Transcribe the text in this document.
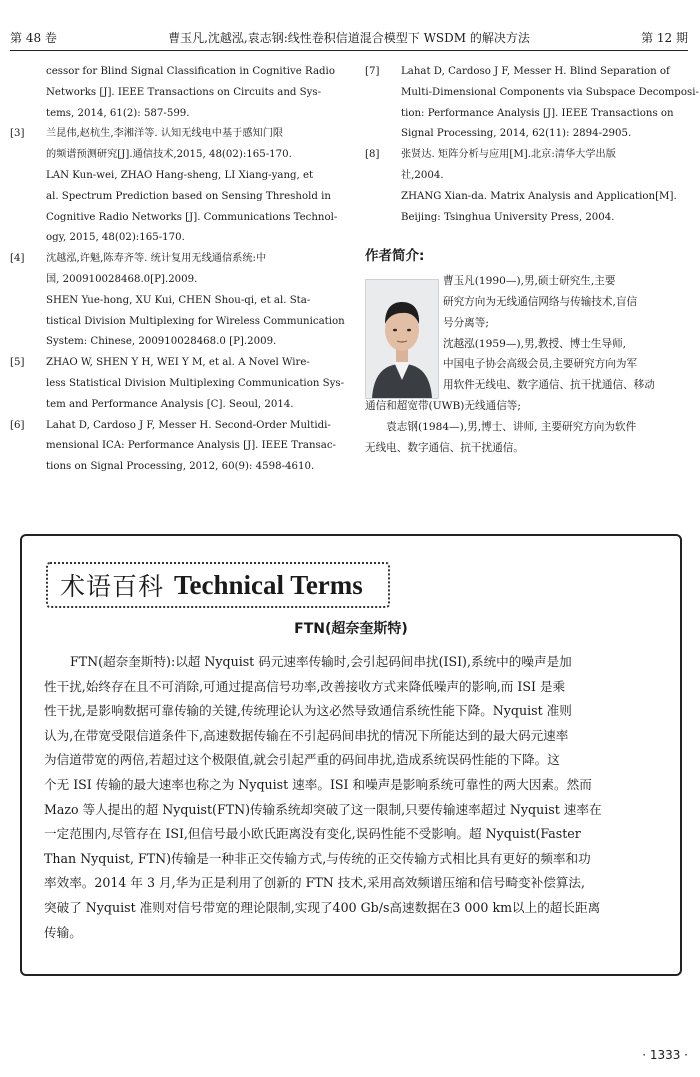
第 48 卷	曹玉凡,沈越泓,袁志钢:线性卷积信道混合模型下 WSDM 的解决方法	第 12 期
cessor for Blind Signal Classification in Cognitive Radio
Networks [J]. IEEE Transactions on Circuits and Sys-
tems, 2014, 61(2): 587-599.
[3]	兰昆伟,赵杭生,李湘洋等. 认知无线电中基于感知门限
的频谱预测研究[J].通信技术,2015, 48(02):165-170.
LAN Kun-wei, ZHAO Hang-sheng, LI Xiang-yang, et
al. Spectrum Prediction based on Sensing Threshold in
Cognitive Radio Networks [J]. Communications Technol-
ogy, 2015, 48(02):165-170.
[4]	沈越泓,许魁,陈寿齐等. 统计复用无线通信系统:中
国, 200910028468.0[P].2009.
SHEN Yue-hong, XU Kui, CHEN Shou-qi, et al. Sta-
tistical Division Multiplexing for Wireless Communication
System: Chinese, 200910028468.0 [P].2009.
[5]	ZHAO W, SHEN Y H, WEI Y M, et al. A Novel Wire-
less Statistical Division Multiplexing Communication Sys-
tem and Performance Analysis [C]. Seoul, 2014.
[6]	Lahat D, Cardoso J F, Messer H. Second-Order Multidi-
mensional ICA: Performance Analysis [J]. IEEE Transac-
tions on Signal Processing, 2012, 60(9): 4598-4610.
[7]	Lahat D, Cardoso J F, Messer H. Blind Separation of
Multi-Dimensional Components via Subspace Decomposi-
tion: Performance Analysis [J]. IEEE Transactions on
Signal Processing, 2014, 62(11): 2894-2905.
[8]	张贤达. 矩阵分析与应用[M].北京:清华大学出版
社,2004.
ZHANG Xian-da. Matrix Analysis and Application[M].
Beijing: Tsinghua University Press, 2004.
作者简介:
曹玉凡(1990—),男,硕士研究生,主要
研究方向为无线通信网络与传输技术,盲信
号分离等;
沈越泓(1959—),男,教授、博士生导师,
中国电子协会高级会员,主要研究方向为军
用软件无线电、数字通信、抗干扰通信、移动
通信和超宽带(UWB)无线通信等;
　　袁志钢(1984—),男,博士、讲师, 主要研究方向为软件
无线电、数字通信、抗干扰通信。
术语百科 Technical Terms
FTN(超奈奎斯特)
FTN(超奈奎斯特):以超 Nyquist 码元速率传输时,会引起码间串扰(ISI),系统中的噪声是加
性干扰,始终存在且不可消除,可通过提高信号功率,改善接收方式来降低噪声的影响,而 ISI 是乘
性干扰,是影响数据可靠传输的关键,传统理论认为这必然导致通信系统性能下降。Nyquist 准则
认为,在带宽受限信道条件下,高速数据传输在不引起码间串扰的情况下所能达到的最大码元速率
为信道带宽的两倍,若超过这个极限值,就会引起严重的码间串扰,造成系统误码性能的下降。这
个无 ISI 传输的最大速率也称之为 Nyquist 速率。ISI 和噪声是影响系统可靠性的两大因素。然而
Mazo 等人提出的超 Nyquist(FTN)传输系统却突破了这一限制,只要传输速率超过 Nyquist 速率在
一定范围内,尽管存在 ISI,但信号最小欧氏距离没有变化,误码性能不受影响。超 Nyquist(Faster
Than Nyquist, FTN)传输是一种非正交传输方式,与传统的正交传输方式相比具有更好的频率和功
率效率。2014 年 3 月,华为正是利用了创新的 FTN 技术,采用高效频谱压缩和信号畸变补偿算法,
突破了 Nyquist 准则对信号带宽的理论限制,实现了400 Gb/s高速数据在3 000 km以上的超长距离
传输。
· 1333 ·
